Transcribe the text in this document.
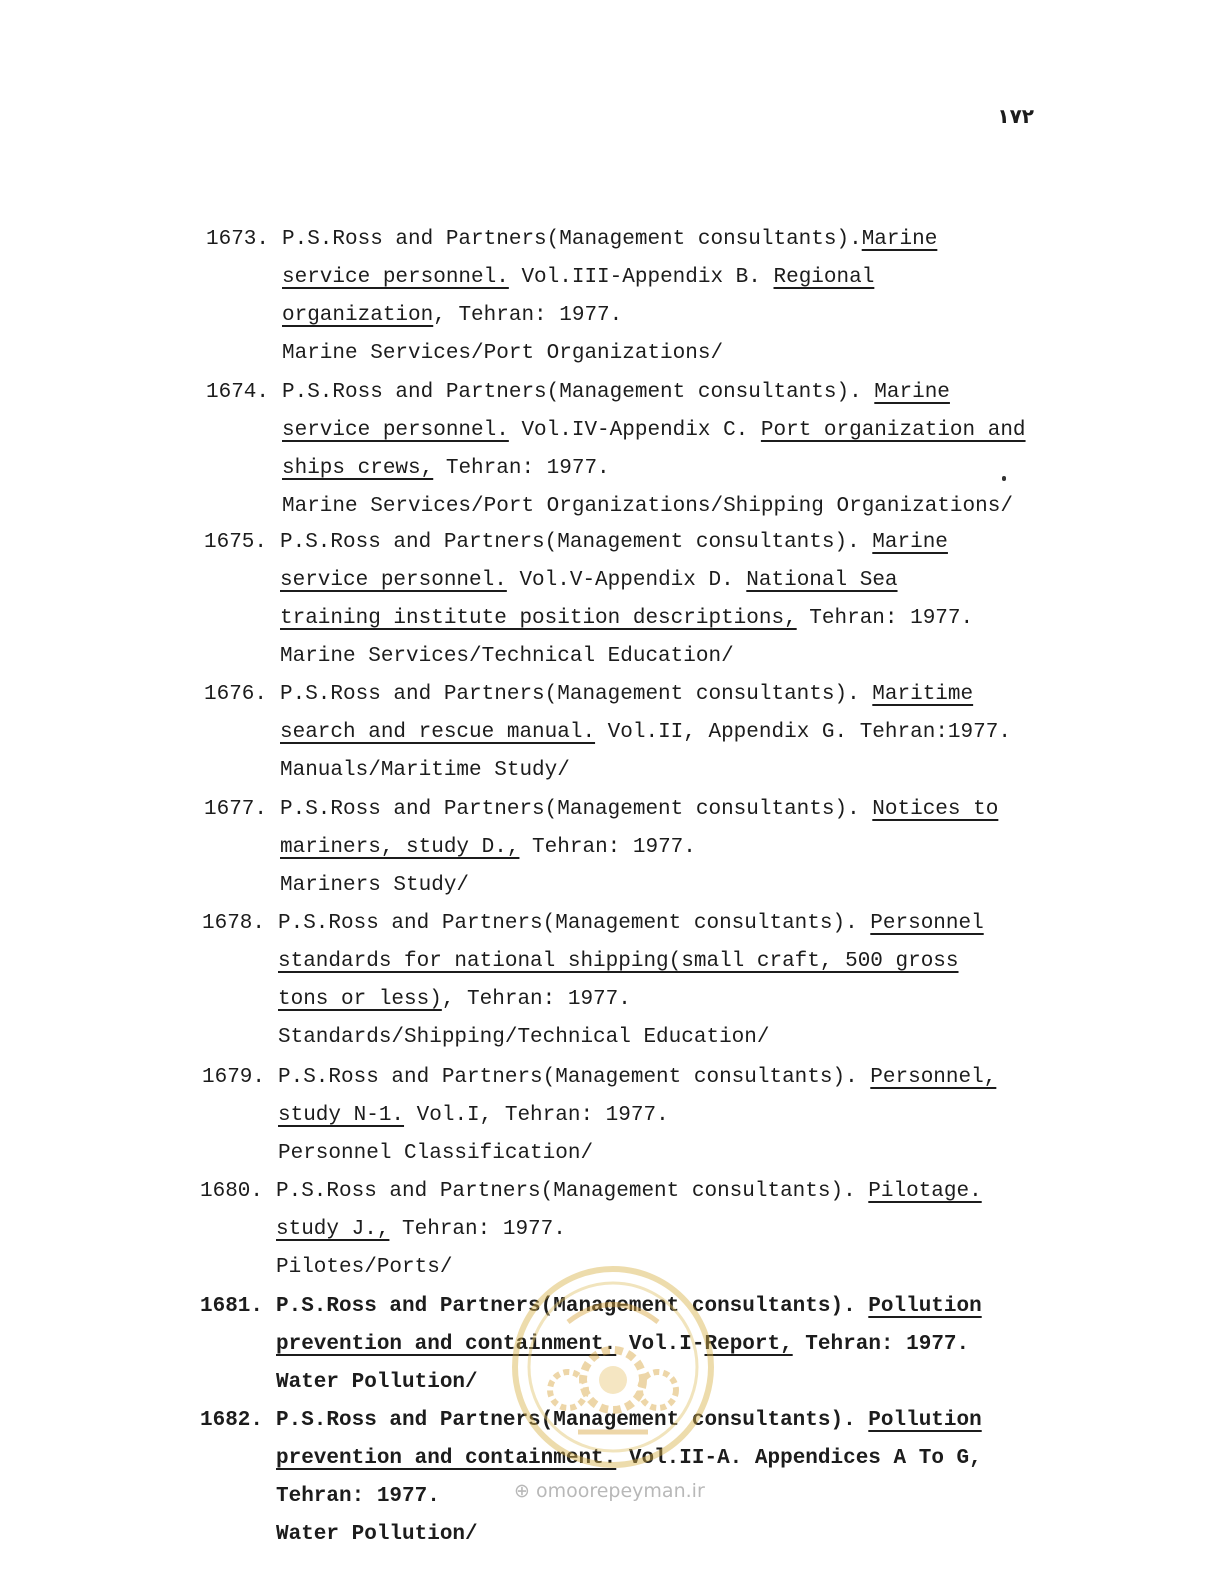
۱۷۲
1673. P.S.Ross and Partners(Management consultants).Marine
service personnel. Vol.III-Appendix B. Regional
organization, Tehran: 1977.
Marine Services/Port Organizations/
1674. P.S.Ross and Partners(Management consultants). Marine
service personnel. Vol.IV-Appendix C. Port organization and
ships crews, Tehran: 1977.
Marine Services/Port Organizations/Shipping Organizations/
1675. P.S.Ross and Partners(Management consultants). Marine
service personnel. Vol.V-Appendix D. National Sea
training institute position descriptions, Tehran: 1977.
Marine Services/Technical Education/
1676. P.S.Ross and Partners(Management consultants). Maritime
search and rescue manual. Vol.II, Appendix G. Tehran:1977.
Manuals/Maritime Study/
1677. P.S.Ross and Partners(Management consultants). Notices to
mariners, study D., Tehran: 1977.
Mariners Study/
1678. P.S.Ross and Partners(Management consultants). Personnel
standards for national shipping(small craft, 500 gross
tons or less), Tehran: 1977.
Standards/Shipping/Technical Education/
1679. P.S.Ross and Partners(Management consultants). Personnel,
study N-1. Vol.I, Tehran: 1977.
Personnel Classification/
1680. P.S.Ross and Partners(Management consultants). Pilotage.
study J., Tehran: 1977.
Pilotes/Ports/
1681. P.S.Ross and Partners(Management consultants). Pollution
prevention and containment. Vol.I-Report, Tehran: 1977.
Water Pollution/
1682. P.S.Ross and Partners(Management consultants). Pollution
prevention and containment. Vol.II-A. Appendices A To G,
Tehran: 1977.
Water Pollution/
⊕ omoorepeyman.ir
